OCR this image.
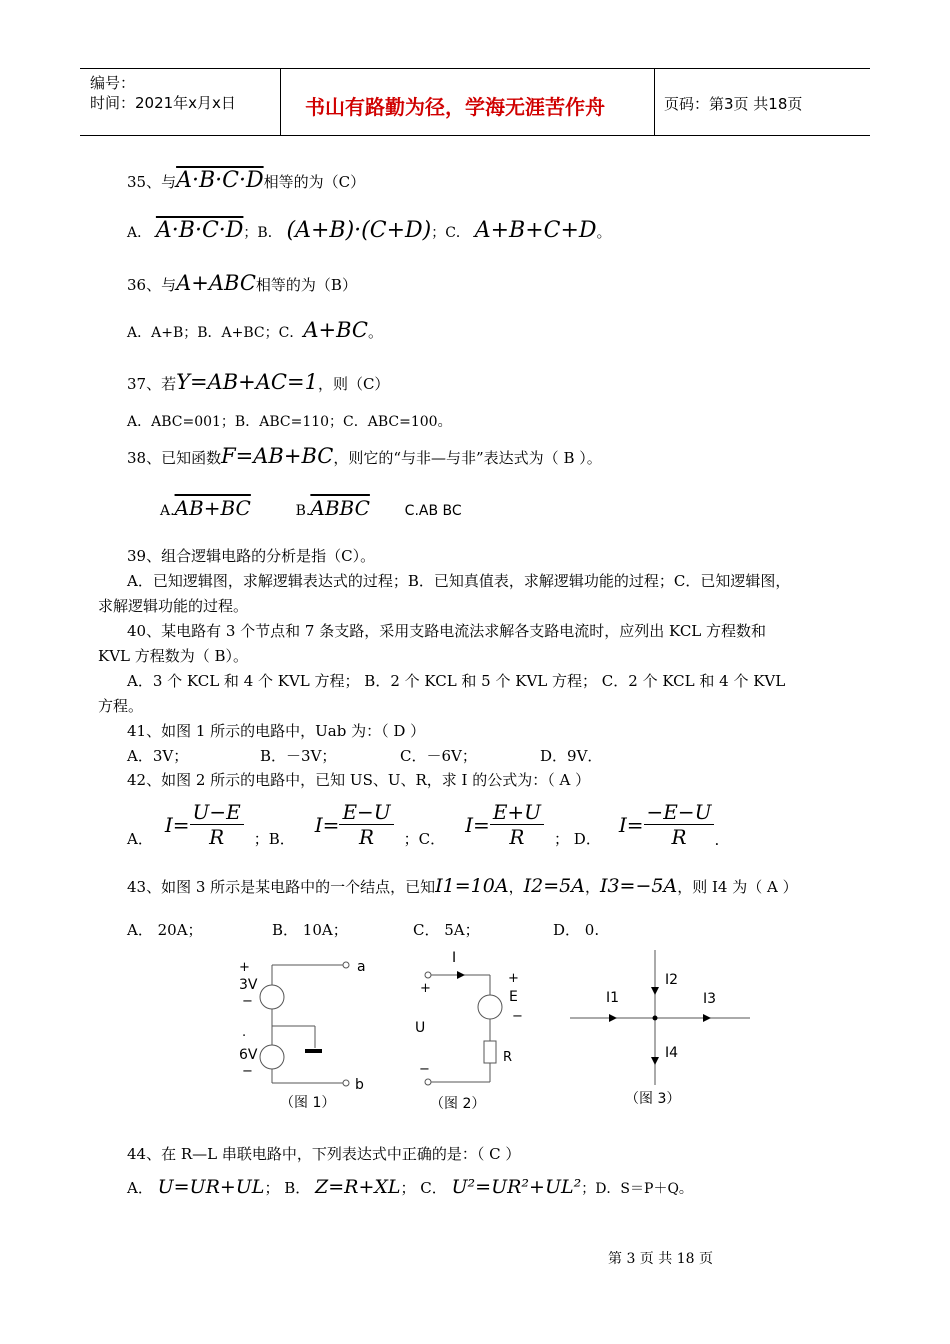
编号：
时间：2021年x月x日	书山有路勤为径，学海无涯苦作舟	页码：第3页 共18页
35、与A·B·C·D相等的为（C）
A． A·B·C·D；B． (A+B)·(C+D)；C． A+B+C+D。
36、与A+ABC相等的为（B）
A．A+B；B．A+BC；C．A+BC。
37、若Y=AB+AC=1，则（C）
A．ABC=001；B．ABC=110；C．ABC=100。
38、已知函数F=AB+BC，则它的“与非—与非”表达式为（ B ）。
A.AB+BC	B.ABBC C.AB BC
39、组合逻辑电路的分析是指（C）。
A．已知逻辑图，求解逻辑表达式的过程；B．已知真值表，求解逻辑功能的过程；C．已知逻辑图，
求解逻辑功能的过程。
40、某电路有 3 个节点和 7 条支路，采用支路电流法求解各支路电流时，应列出 KCL 方程数和
KVL 方程数为（ B）。
A．3 个 KCL 和 4 个 KVL 方程； B．2 个 KCL 和 5 个 KVL 方程； C．2 个 KCL 和 4 个 KVL
方程。
41、如图 1 所示的电路中，Uab 为：（ D ）
A．3V；	B．－3V；	C．－6V；	D．9V．
42、如图 2 所示的电路中，已知 US、U、R，求 I 的公式为：（ A ）
A．
$I= \frac{U-E}{R}$ ；B．
$I= \frac{E-U}{R}$ ；C．
$I= \frac{E+U}{R}$ ； D．
$I= \frac{-E-U}{R}$ .
43、如图 3 所示是某电路中的一个结点，已知I1=10A，I2=5A，I3=−5A，则 I4 为（ A ）
A． 20A；	B． 10A；	C． 5A；	D． 0.
+
3V
−
·
6V
−
a
b
（图 1）
I
+
U
−
+
E
−
R
（图 2）
I1
I2
I3
I4
（图 3）
44、在 R—L 串联电路中，下列表达式中正确的是：（ C ）
A． U=UR+UL； B． Z=R+XL； C． U²=UR²+UL²；D．S＝P＋Q。
第 3 页 共 18 页
